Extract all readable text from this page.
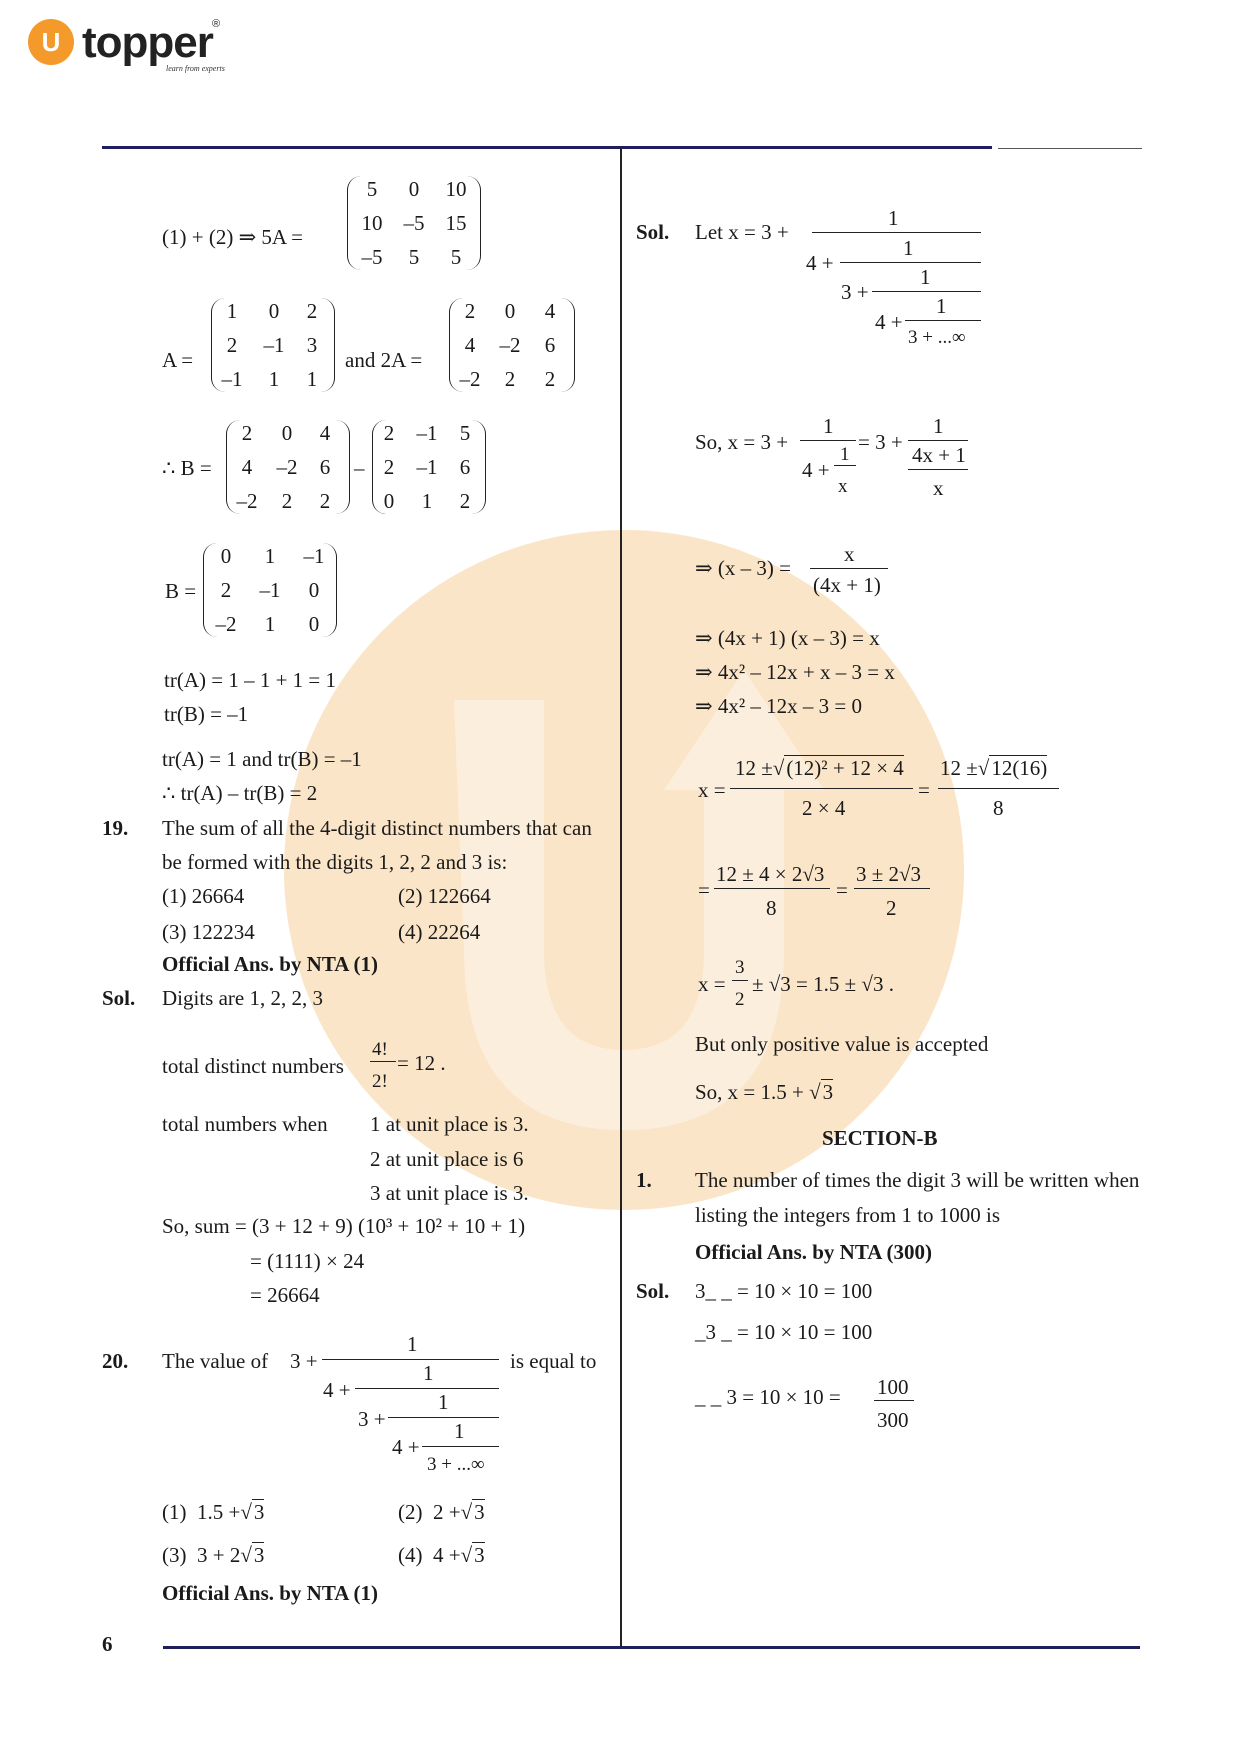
U topper ®
learn from experts
6
(1) + (2) ⇒ 5A =
5	0	10
10	–5	15
–5	5	5
A =
1	0	2
2	–1	3
–1	1	1
and 2A =
2	0	4
4	–2	6
–2	2	2
∴ B =
2	0	4
4	–2	6
–2	2	2
–
2	–1	5
2	–1	6
0	1	2
B =
0	1	–1
2	–1	0
–2	1	0
tr(A) = 1 – 1 + 1 = 1
tr(B) = –1
tr(A) = 1 and tr(B) = –1
∴ tr(A) – tr(B) = 2
19. The sum of all the 4-digit distinct numbers that can
be formed with the digits 1, 2, 2 and 3 is:
(1) 26664	(2) 122664
(3) 122234	(4) 22264
Official Ans. by NTA (1)
Sol. Digits are 1, 2, 2, 3
total distinct numbers
4!
2!
= 12 .
total numbers when 1 at unit place is 3.
2 at unit place is 6
3 at unit place is 3.
So, sum = (3 + 12 + 9) (10³ + 10² + 10 + 1)
= (1111) × 24
= 26664
20. The value of 3 +
1
4 +
1
3 +
1
4 +
1
3 + ...∞
is equal to
(1) 1.5 +√3	(2) 2 +√3
(3) 3 + 2√3	(4) 4 +√3
Official Ans. by NTA (1)
Sol. Let x = 3 +
1
4 +
1
3 +
1
4 +
1
3 + ...∞
So, x = 3 +
1
4 +
1
x
= 3 +
1
4x + 1
x
⇒ (x – 3) =
x
(4x + 1)
⇒ (4x + 1) (x – 3) = x
⇒ 4x² – 12x + x – 3 = x
⇒ 4x² – 12x – 3 = 0
x =
12 ±√(12)² + 12 × 4
2 × 4
=
12 ±√12(16)
8
=
12 ± 4 × 2√3
8
=
3 ± 2√3
2
x =
3
2
± √3 = 1.5 ± √3 .
But only positive value is accepted
So, x = 1.5 + √3
SECTION-B
1. The number of times the digit 3 will be written when
listing the integers from 1 to 1000 is
Official Ans. by NTA (300)
Sol. 3_ _ = 10 × 10 = 100
_3 _ = 10 × 10 = 100
_ _ 3 = 10 × 10 = 100
300
